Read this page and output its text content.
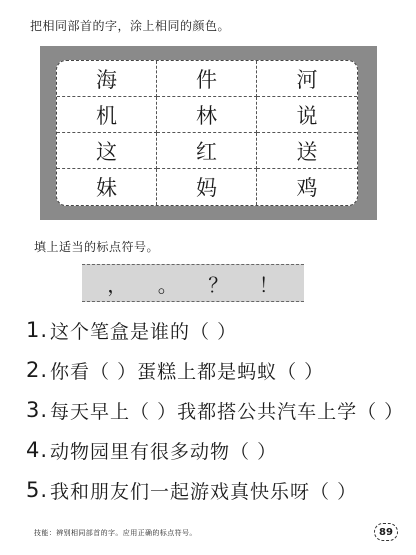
把相同部首的字，涂上相同的颜色。
海	件	河
机	林	说
这	红	送
妹	妈	鸡
填上适当的标点符号。
， 。 ？ ！
1. 这个笔盒是谁的（ ）
2. 你看（ ）蛋糕上都是蚂蚁（ ）
3. 每天早上（ ）我都搭公共汽车上学（ ）
4. 动物园里有很多动物（ ）
5. 我和朋友们一起游戏真快乐呀（ ）
技能：辨别相同部首的字。应用正确的标点符号。	89
